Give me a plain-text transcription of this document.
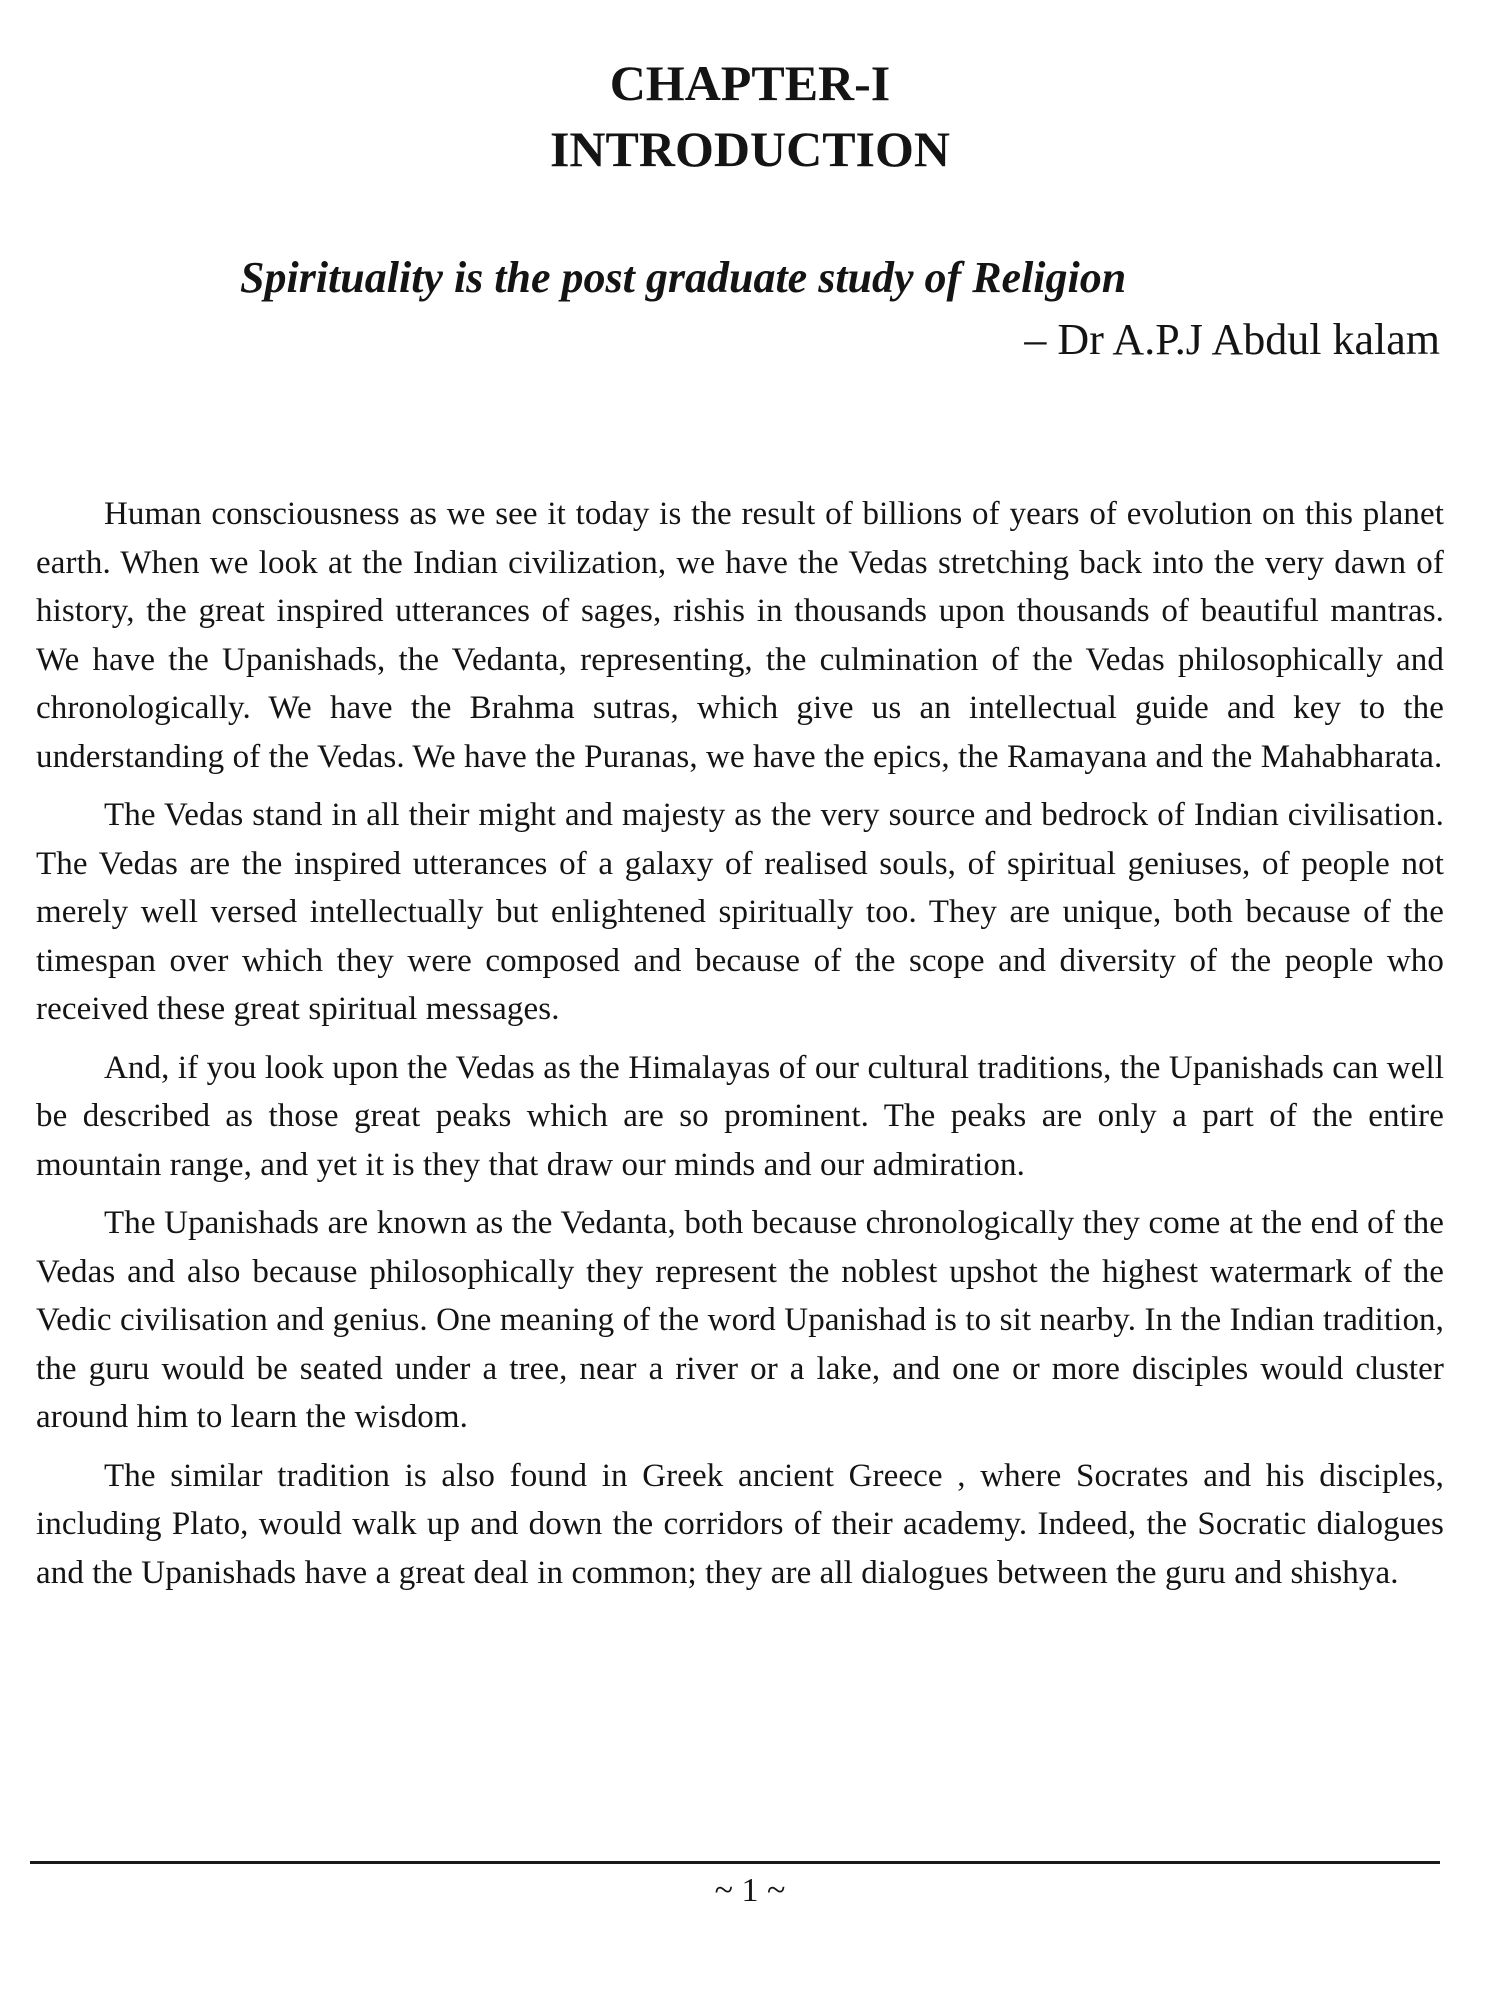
CHAPTER-I
INTRODUCTION

Spirituality is the post graduate study of Religion

– Dr A.P.J Abdul kalam

Human consciousness as we see it today is the result of billions of years of evolution on this planet earth. When we look at the Indian civilization, we have the Vedas stretching back into the very dawn of history, the great inspired utterances of sages, rishis in thousands upon thousands of beautiful mantras. We have the Upanishads, the Vedanta, representing, the culmination of the Vedas philosophically and chronologically. We have the Brahma sutras, which give us an intellectual guide and key to the understanding of the Vedas. We have the Puranas, we have the epics, the Ramayana and the Mahabharata.

The Vedas stand in all their might and majesty as the very source and bedrock of Indian civilisation. The Vedas are the inspired utterances of a galaxy of realised souls, of spiritual geniuses, of people not merely well versed intellectually but enlightened spiritually too. They are unique, both because of the timespan over which they were composed and because of the scope and diversity of the people who received these great spiritual messages.

And, if you look upon the Vedas as the Himalayas of our cultural traditions, the Upanishads can well be described as those great peaks which are so prominent. The peaks are only a part of the entire mountain range, and yet it is they that draw our minds and our admiration.

The Upanishads are known as the Vedanta, both because chronologically they come at the end of the Vedas and also because philosophically they represent the noblest upshot the highest watermark of the Vedic civilisation and genius. One meaning of the word Upanishad is to sit nearby. In the Indian tradition, the guru would be seated under a tree, near a river or a lake, and one or more disciples would cluster around him to learn the wisdom.

The similar tradition is also found in Greek ancient Greece , where Socrates and his disciples, including Plato, would walk up and down the corridors of their academy. Indeed, the Socratic dialogues and the Upanishads have a great deal in common; they are all dialogues between the guru and shishya.

~ 1 ~
